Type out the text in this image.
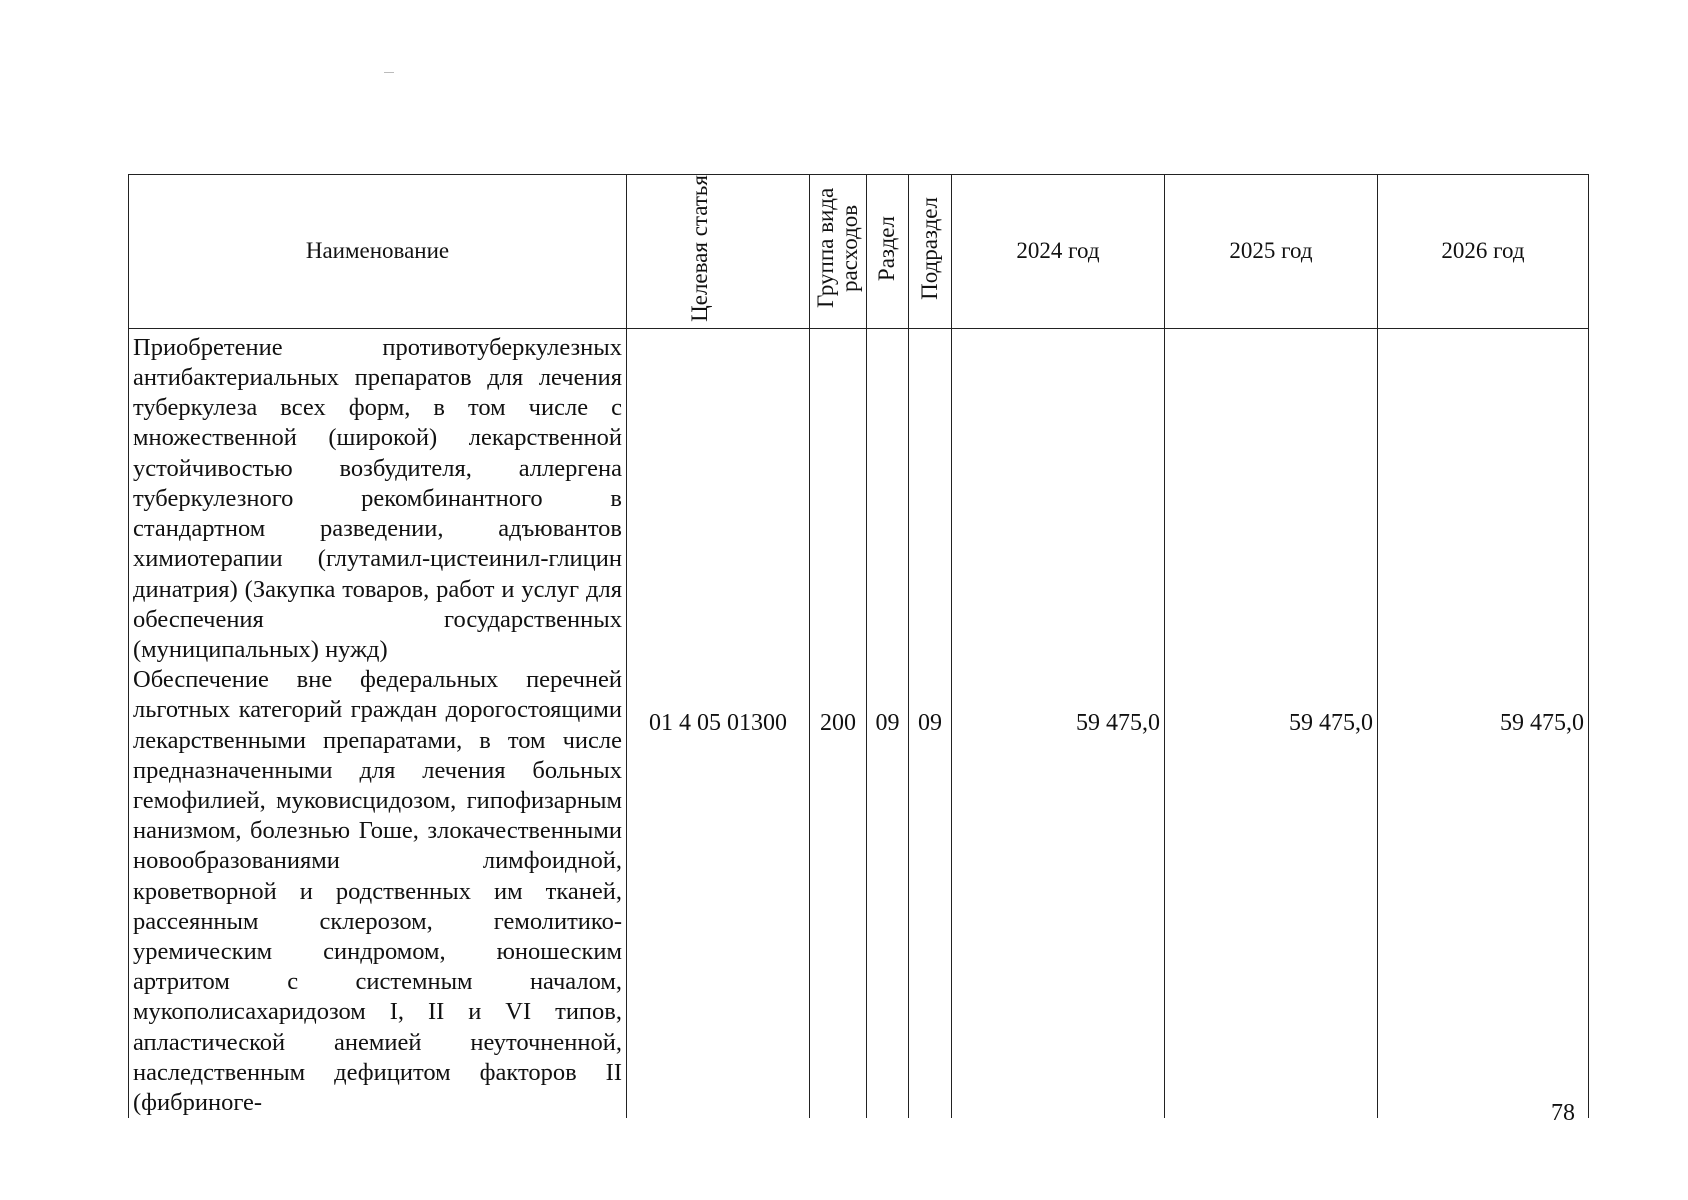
Наименование	Целевая статья	Группа вида расходов	Раздел	Подраздел	2024 год	2025 год	2026 год

Приобретение противотуберкулезных антибактериальных препаратов для лечения туберкулеза всех форм, в том числе с множественной (широкой) лекарственной устойчивостью возбудителя, аллергена туберкулезного рекомбинантного в стандартном разведении, адъювантов химиотерапии (глутамил-цистеинил-глицин динатрия) (Закупка товаров, работ и услуг для обеспечения государственных (муниципальных) нужд)

Обеспечение вне федеральных перечней льготных категорий граждан дорогостоящими лекарственными препаратами, в том числе предназначенными для лечения больных гемофилией, муковисцидозом, гипофизарным нанизмом, болезнью Гоше, злокачественными новообразованиями лимфоидной, кроветворной и родственных им тканей, рассеянным склерозом, гемолитико-уремическим синдромом, юношеским артритом с системным началом, мукополисахаридозом I, II и VI типов, апластической анемией неуточненной, наследственным дефицитом факторов II (фибриноге-	01 4 05 01300	200	09	09	59 475,0	59 475,0	59 475,0
78
